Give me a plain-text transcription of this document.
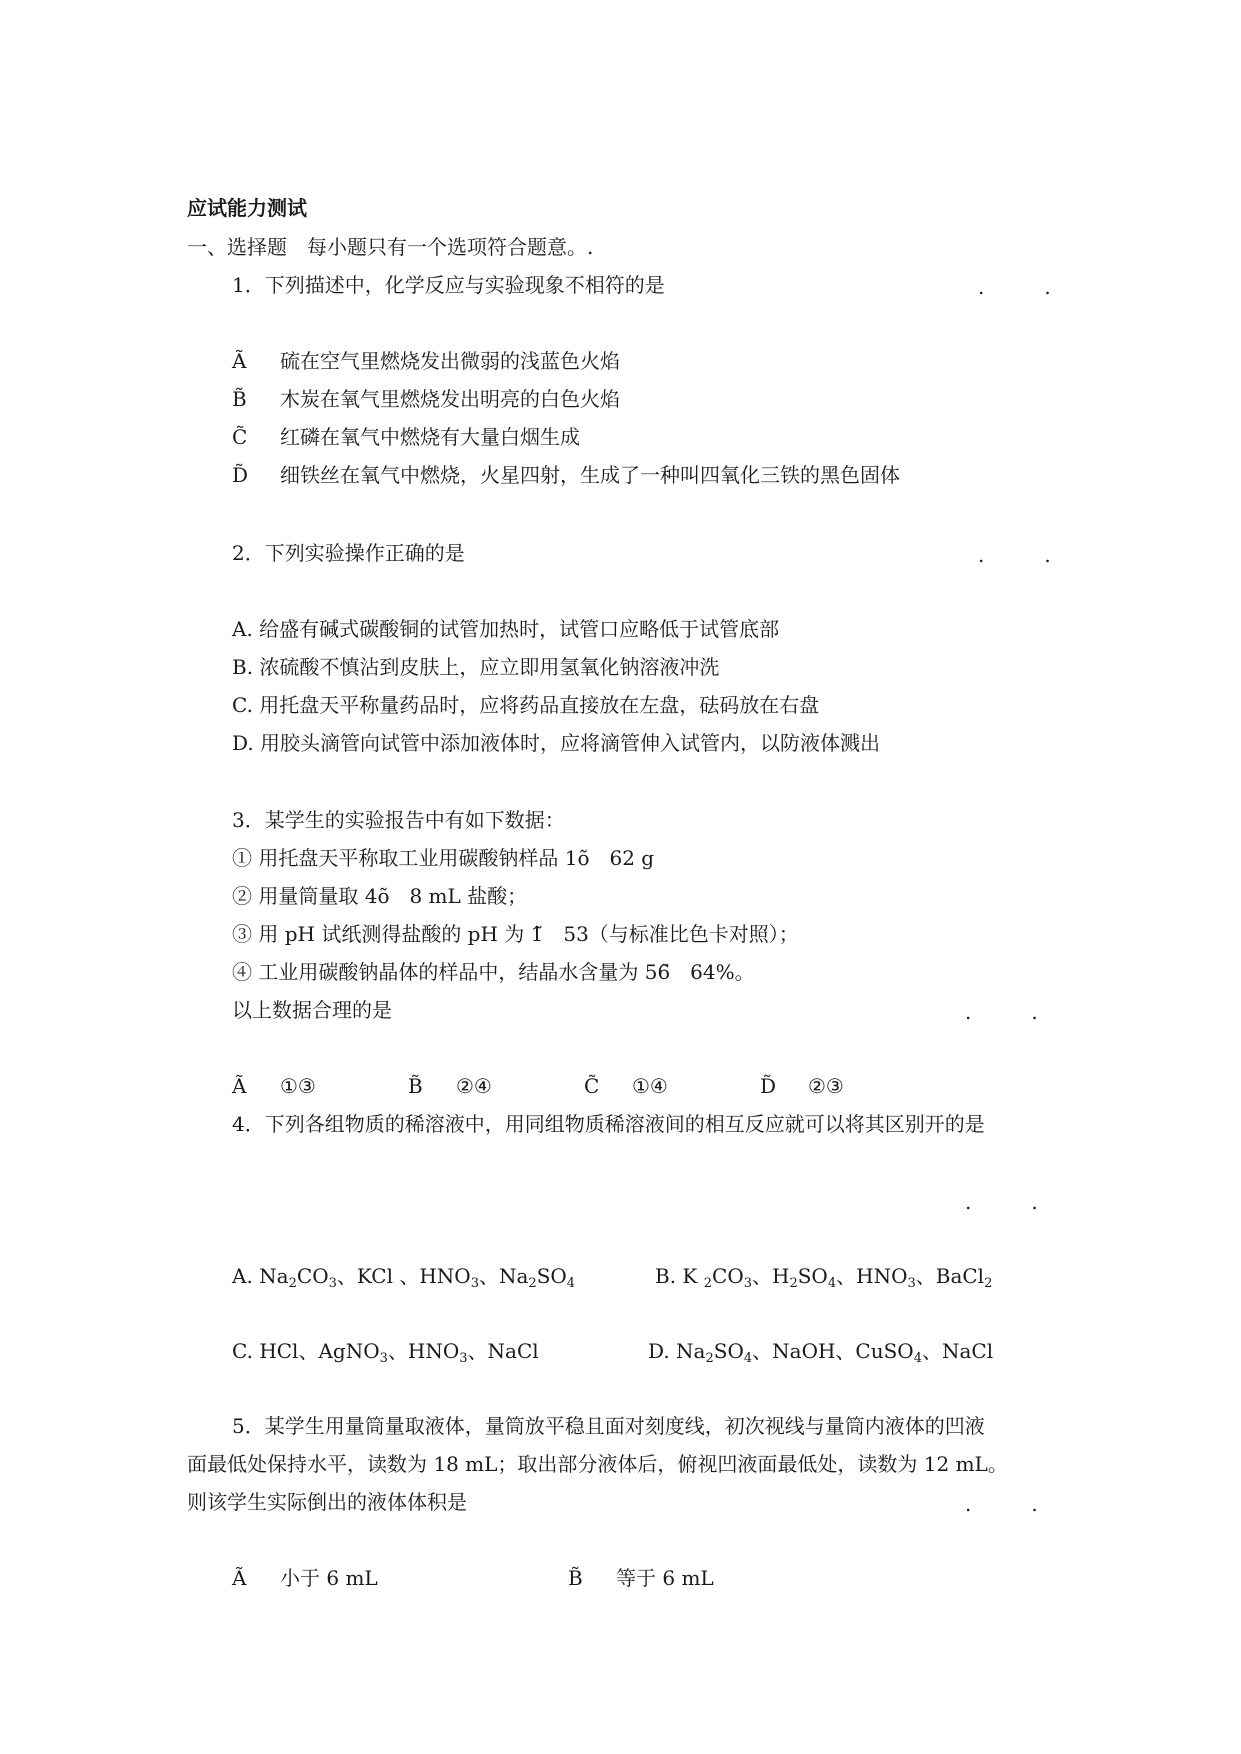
应试能力测试
一、选择题　每小题只有一个选项符合题意。.
1．下列描述中，化学反应与实验现象不相符的是	.　　　.
Ã 硫在空气里燃烧发出微弱的浅蓝色火焰
B̃ 木炭在氧气里燃烧发出明亮的白色火焰
C̃ 红磷在氧气中燃烧有大量白烟生成
D̃ 细铁丝在氧气中燃烧，火星四射，生成了一种叫四氧化三铁的黑色固体
2．下列实验操作正确的是	.　　　.
A. 给盛有碱式碳酸铜的试管加热时，试管口应略低于试管底部
B. 浓硫酸不慎沾到皮肤上，应立即用氢氧化钠溶液冲洗
C. 用托盘天平称量药品时，应将药品直接放在左盘，砝码放在右盘
D. 用胶头滴管向试管中添加液体时，应将滴管伸入试管内，以防液体溅出
3．某学生的实验报告中有如下数据：
① 用托盘天平称取工业用碳酸钠样品 1õ　62 g
② 用量筒量取 4õ　8 mL 盐酸；
③ 用 pH 试纸测得盐酸的 pH 为 1̃　53（与标准比色卡对照）；
④ 工业用碳酸钠晶体的样品中，结晶水含量为 56̃　64%。
以上数据合理的是	.　　　.
Ã ①③	B̃ ②④	C̃ ①④	D̃ ②③
4．下列各组物质的稀溶液中，用同组物质稀溶液间的相互反应就可以将其区别开的是
.　　　.
A. $Na_2CO_3$、KCl 、$HNO_3$、$Na_2SO_4$	B. K $_2CO_3$、$H_2SO_4$、$HNO_3$、BaCl$_2$
C. HCl、AgNO$_3$、$HNO_3$、NaCl	D. $Na_2SO_4$、NaOH、CuSO$_4$、NaCl
5．某学生用量筒量取液体，量筒放平稳且面对刻度线，初次视线与量筒内液体的凹液
面最低处保持水平，读数为 18 mL；取出部分液体后，俯视凹液面最低处，读数为 12 mL。
则该学生实际倒出的液体体积是	.　　　.
Ã 小于 6 mL	B̃ 等于 6 mL
